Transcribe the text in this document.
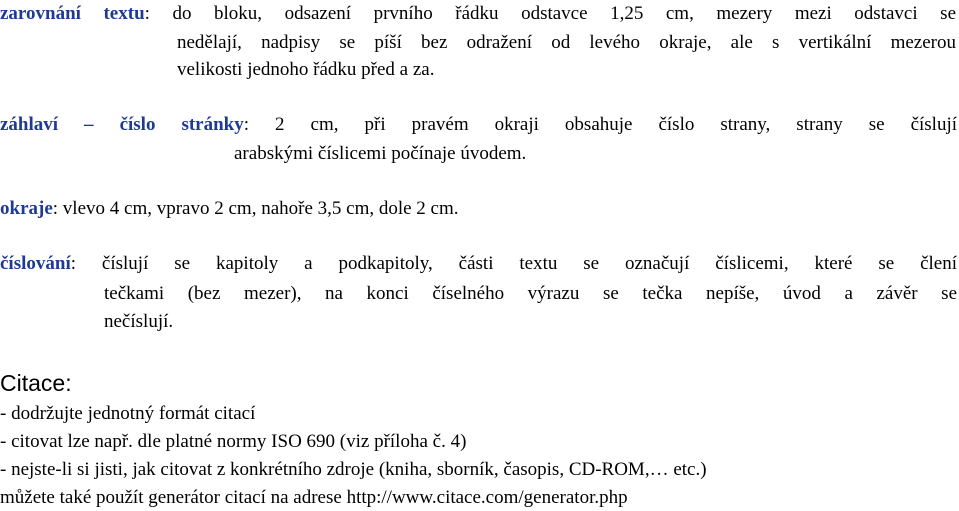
zarovnání textu: do bloku, odsazení prvního řádku odstavce 1,25 cm, mezery mezi odstavci se
nedělají, nadpisy se píší bez odražení od levého okraje, ale s vertikální mezerou
velikosti jednoho řádku před a za.
záhlaví – číslo stránky: 2 cm, při pravém okraji obsahuje číslo strany, strany se číslují
arabskými číslicemi počínaje úvodem.
okraje: vlevo 4 cm, vpravo 2 cm, nahoře 3,5 cm, dole 2 cm.
číslování: číslují se kapitoly a podkapitoly, části textu se označují číslicemi, které se člení
tečkami (bez mezer), na konci číselného výrazu se tečka nepíše, úvod a závěr se
nečíslují.
Citace:
- dodržujte jednotný formát citací
- citovat lze např. dle platné normy ISO 690 (viz příloha č. 4)
- nejste-li si jisti, jak citovat z konkrétního zdroje (kniha, sborník, časopis, CD-ROM,… etc.)
můžete také použít generátor citací na adrese http://www.citace.com/generator.php
